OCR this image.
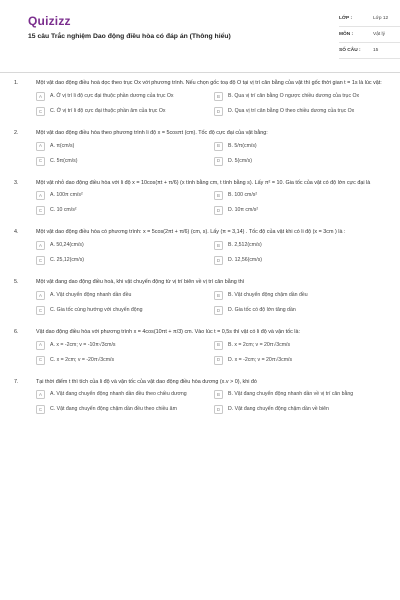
Quizizz
15 câu Trắc nghiệm Dao động điều hòa có đáp án (Thông hiểu)
LỚP :	Lớp 12
MÔN :	Vật lý
SỐ CÂU :	15
1.	Một vật dao động điều hoà dọc theo trục Ox với phương trình. Nếu chọn gốc toạ độ O tại vị trí cân bằng của vật thì gốc thời gian t = 1s là lúc vật:
A	A. Ở vị trí li độ cực đại thuộc phần dương của trục Ox	B	B. Qua vị trí cân bằng O ngược chiều dương của trục Ox
C	C. Ở vị trí li độ cực đại thuộc phần âm của trục Ox	D	D. Qua vị trí cân bằng O theo chiều dương của trục Ox
2.	Một vật dao động điều hòa theo phương trình li độ x = 5cosπt (cm). Tốc độ cực đại của vật bằng:
A	A. π(cm/s)	B	B. 5/π(cm/s)
C	C. 5π(cm/s)	D	D. 5(cm/s)
3.	Một vật nhỏ dao động điều hòa với li độ x = 10cos(πt + π/6) (x tính bằng cm, t tính bằng s). Lấy π² = 10. Gia tốc của vật có độ lớn cực đại là
A	A. 100π cm/s²	B	B. 100 cm/s²
C	C. 10 cm/s²	D	D. 10π cm/s²
4.	Một vật dao động điều hòa có phương trình: x = 5cos(2πt + π/6) (cm, s). Lấy (π = 3,14) . Tốc độ của vật khi có li độ (x = 3cm ) là :
A	A. 50,24(cm/s)	B	B. 2,512(cm/s)
C	C. 25,12(cm/s)	D	D. 12,56(cm/s)
5.	Một vật đang dao động điều hoà, khi vật chuyển động từ vị trí biên về vị trí cân bằng thì
A	A. Vật chuyển động nhanh dần đều	B	B. Vật chuyển động chậm dần đều
C	C. Gia tốc cùng hướng với chuyển động	D	D. Gia tốc có độ lớn tăng dần
6.	Vật dao động điều hòa với phương trình x = 4cos(10πt + π/3) cm. Vào lúc t = 0,5s thì vật có li độ và vận tốc là:
A	A. x = -2cm; v = -10π√3cm/s	B	B. x = 2cm; v = 20π√3cm/s
C	C. x = 2cm; v = -20π√3cm/s	D	D. x = -2cm; v = 20π√3cm/s
7.	Tại thời điểm t thì tích của li độ và vận tốc của vật dao động điều hòa dương (x.v > 0), khi đó
A	A. Vật đang chuyển động nhanh dần đều theo chiều dương	B	B. Vật đang chuyển động nhanh dần về vị trí cân bằng
C	C. Vật đang chuyển động chậm dần đều theo chiều âm	D	D. Vật đang chuyển động chậm dần về biên
